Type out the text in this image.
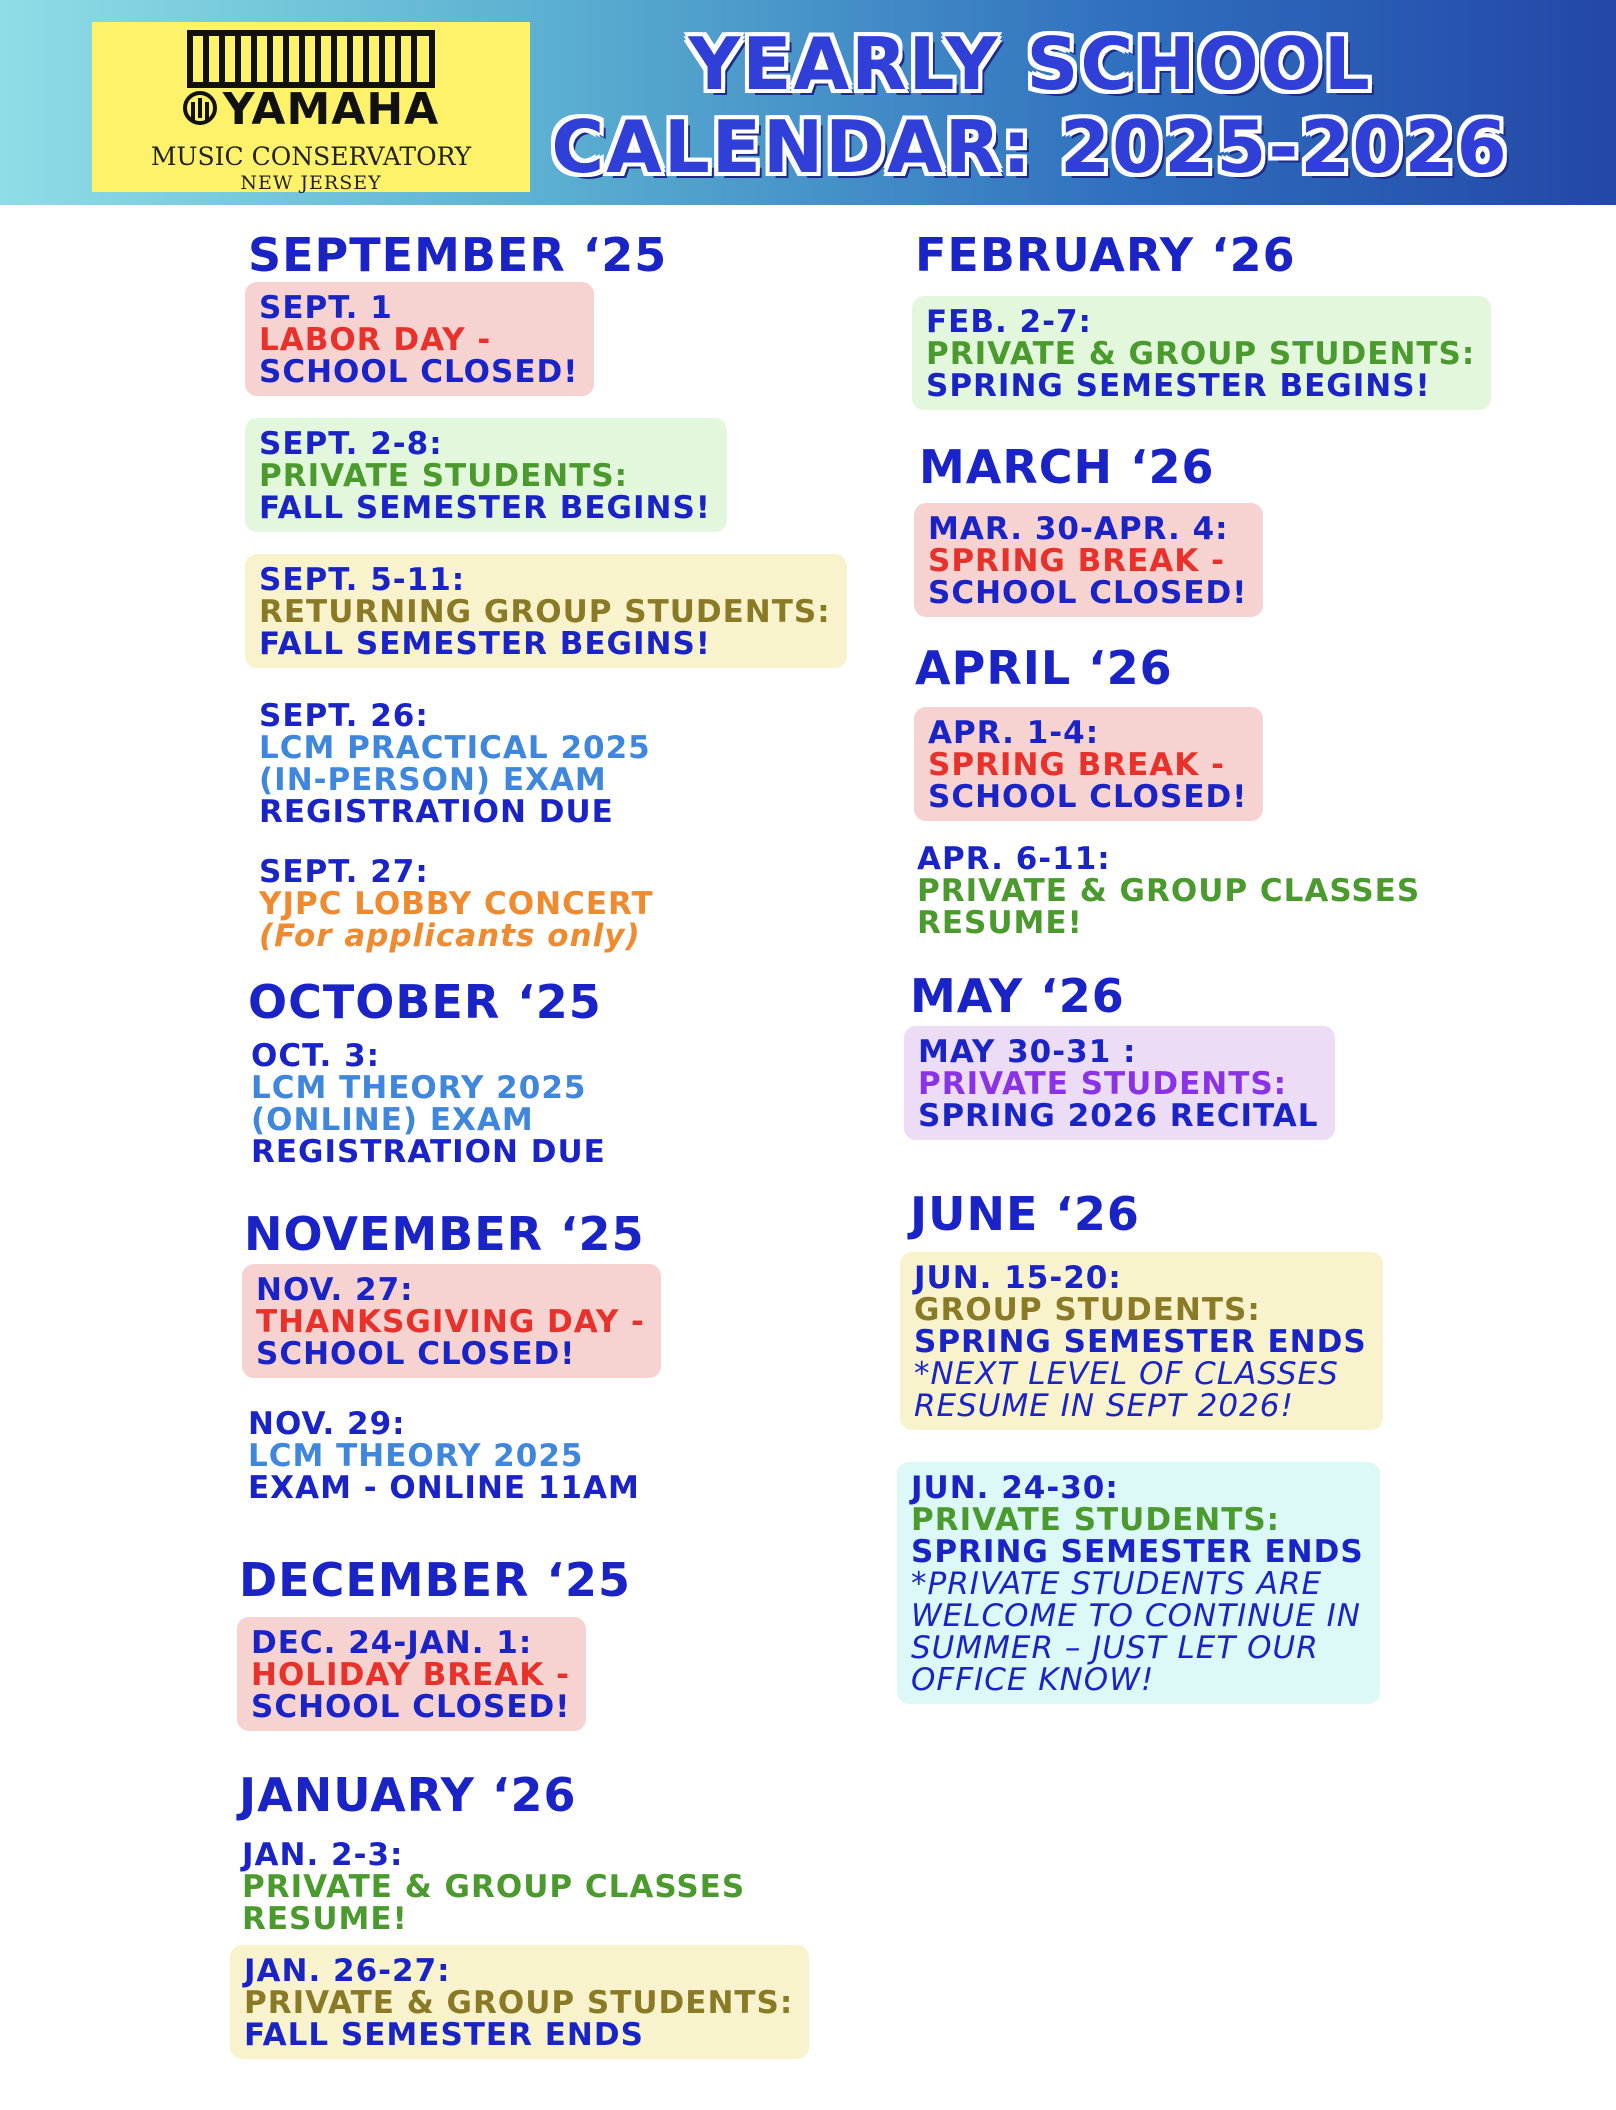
YAMAHA
MUSIC CONSERVATORY
NEW JERSEY
YEARLY SCHOOL
CALENDAR: 2025-2026
SEPTEMBER ‘25
SEPT. 1
LABOR DAY -
SCHOOL CLOSED!
SEPT. 2-8:
PRIVATE STUDENTS:
FALL SEMESTER BEGINS!
SEPT. 5-11:
RETURNING GROUP STUDENTS:
FALL SEMESTER BEGINS!
SEPT. 26:
LCM PRACTICAL 2025
(IN-PERSON) EXAM
REGISTRATION DUE
SEPT. 27:
YJPC LOBBY CONCERT
(For applicants only)
OCTOBER ‘25
OCT. 3:
LCM THEORY 2025
(ONLINE) EXAM
REGISTRATION DUE
NOVEMBER ‘25
NOV. 27:
THANKSGIVING DAY -
SCHOOL CLOSED!
NOV. 29:
LCM THEORY 2025
EXAM - ONLINE 11AM
DECEMBER ‘25
DEC. 24-JAN. 1:
HOLIDAY BREAK -
SCHOOL CLOSED!
JANUARY ‘26
JAN. 2-3:
PRIVATE & GROUP CLASSES
RESUME!
JAN. 26-27:
PRIVATE & GROUP STUDENTS:
FALL SEMESTER ENDS
FEBRUARY ‘26
FEB. 2-7:
PRIVATE & GROUP STUDENTS:
SPRING SEMESTER BEGINS!
MARCH ‘26
MAR. 30-APR. 4:
SPRING BREAK -
SCHOOL CLOSED!
APRIL ‘26
APR. 1-4:
SPRING BREAK -
SCHOOL CLOSED!
APR. 6-11:
PRIVATE & GROUP CLASSES
RESUME!
MAY ‘26
MAY 30-31 :
PRIVATE STUDENTS:
SPRING 2026 RECITAL
JUNE ‘26
JUN. 15-20:
GROUP STUDENTS:
SPRING SEMESTER ENDS
*NEXT LEVEL OF CLASSES
RESUME IN SEPT 2026!
JUN. 24-30:
PRIVATE STUDENTS:
SPRING SEMESTER ENDS
*PRIVATE STUDENTS ARE
WELCOME TO CONTINUE IN
SUMMER – JUST LET OUR
OFFICE KNOW!
